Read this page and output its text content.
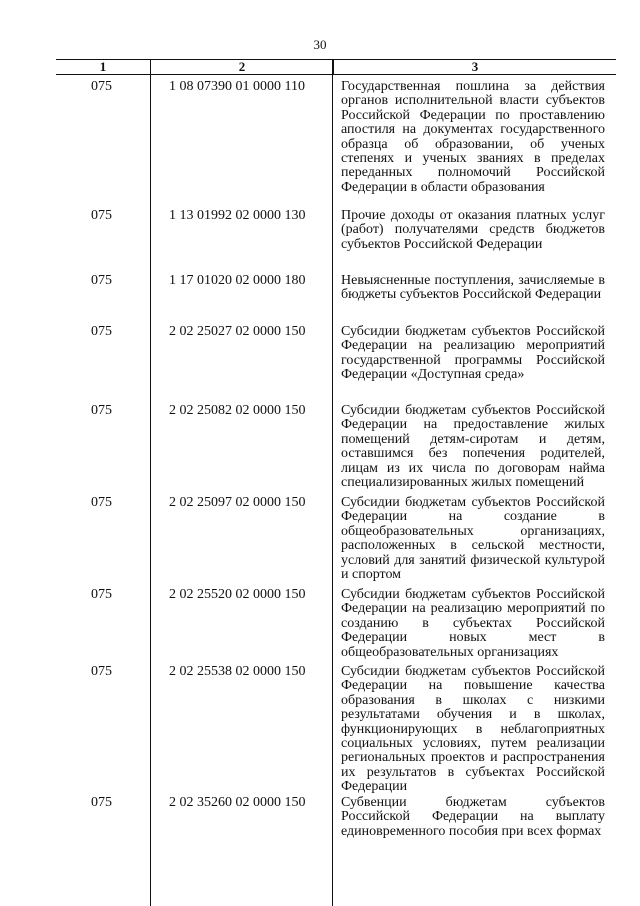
30
1	2	3
075	1 08 07390 01 0000 110	Государственная пошлина за действия органов исполнительной власти субъектов Российской Федерации по проставлению апостиля на документах государственного образца об образовании, об ученых степенях и ученых званиях в пределах переданных полномочий Российской Федерации в области образования
075	1 13 01992 02 0000 130	Прочие доходы от оказания платных услуг (работ) получателями средств бюджетов субъектов Российской Федерации
075	1 17 01020 02 0000 180	Невыясненные поступления, зачисляемые в бюджеты субъектов Российской Федерации
075	2 02 25027 02 0000 150	Субсидии бюджетам субъектов Российской Федерации на реализацию мероприятий государственной программы Российской Федерации «Доступная среда»
075	2 02 25082 02 0000 150	Субсидии бюджетам субъектов Российской Федерации на предоставление жилых помещений детям-сиротам и детям, оставшимся без попечения родителей, лицам из их числа по договорам найма специализированных жилых помещений
075	2 02 25097 02 0000 150	Субсидии бюджетам субъектов Российской Федерации на создание в общеобразовательных организациях, расположенных в сельской местности, условий для занятий физической культурой и спортом
075	2 02 25520 02 0000 150	Субсидии бюджетам субъектов Российской Федерации на реализацию мероприятий по созданию в субъектах Российской Федерации новых мест в общеобразовательных организациях
075	2 02 25538 02 0000 150	Субсидии бюджетам субъектов Российской Федерации на повышение качества образования в школах с низкими результатами обучения и в школах, функционирующих в неблагоприятных социальных условиях, путем реализации региональных проектов и распространения их результатов в субъектах Российской Федерации
075	2 02 35260 02 0000 150	Субвенции бюджетам субъектов Российской Федерации на выплату единовременного пособия при всех формах
